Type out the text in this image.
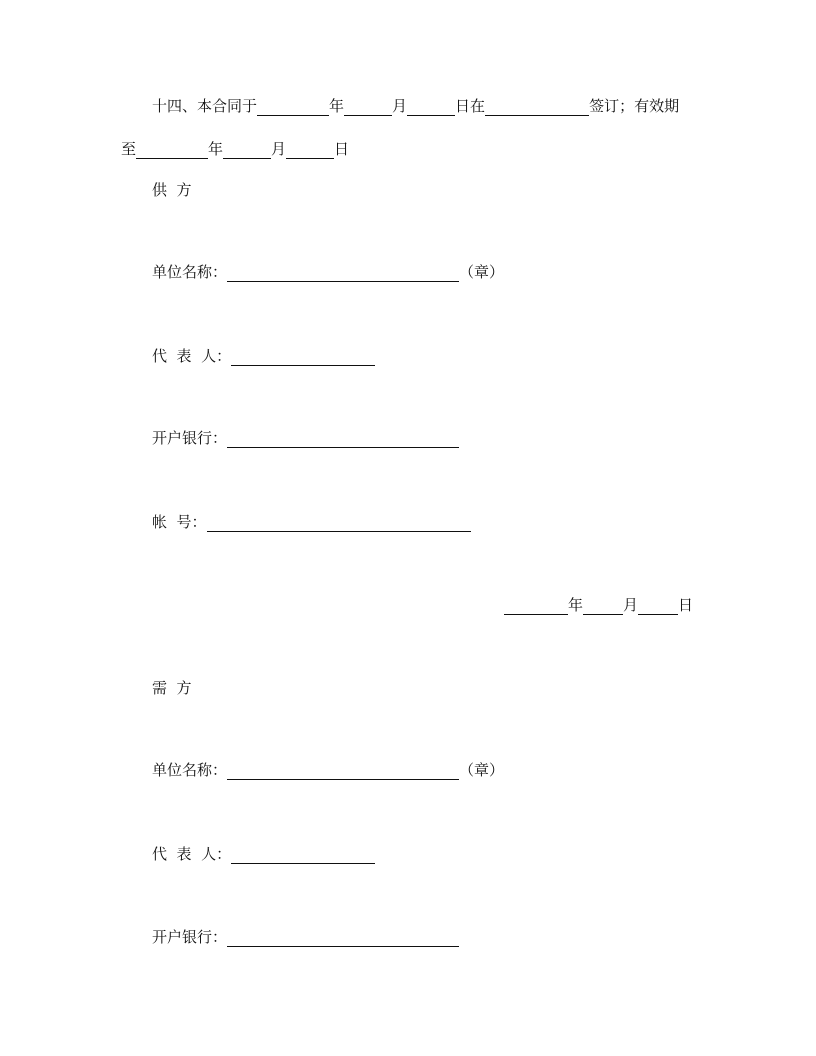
十四、本合同于	年	月	日在	签订；有效期
至	年	月	日
供  方
单位名称：	（章）
代  表  人：
开户银行：
帐  号：
年	月	日
需  方
单位名称：	（章）
代  表  人：
开户银行：
